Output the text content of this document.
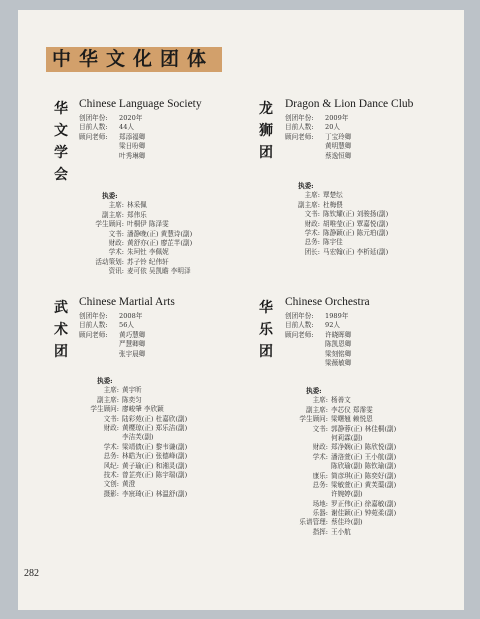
中华文化团体
华
文
学
会
Chinese Language Society
创团年份: 2020年
目前人数: 44人
顾问老师: 郑添福卿
梁日吩卿
叶秀琳卿
执委:
主席: 林采佩
副主席: 郑伟乐
学生顾问: 叶桐伊 陈泽雯
文书: 潘静晚(正) 黄慧诗(副)
财政: 黄舒亦(正) 廖芷芊(副)
学术: 朱珂钍 李佩妮
活动策划: 苏子铃 纪伟轩
资讯: 麦可依 吴凯瞻 李明泽
龙
狮
团
Dragon & Lion Dance Club
创团年份: 2009年
目前人数: 20人
顾问老师: 丁宝玲卿
黄明慧卿
蔡逸恒卿
执委:
主席: 覃楚纭
副主席: 杜梅偎
文书: 陈钦耀(正) 刘骏扬(副)
财政: 胡唯莹(正) 覃嘉悦(副)
学术: 陈静颖(正) 陈元珀(副)
总务: 陈宇佳
团长: 马宏翰(正) 李析延(副)
武
术
团
Chinese Martial Arts
创团年份: 2008年
目前人数: 56人
顾问老师: 黄巧慧卿
严慧卿卿
张宇晨卿
执委:
主席: 黄宇昕
副主席: 陈奕匀
学生顾问: 廖峻肇 李欣颖
文书: 陆彩苑(正) 杜嘉欣(副)
财政: 黄樱琼(正) 郑乐洁(副)
李洁芙(副)
学术: 梁靖债(正) 黎韦谦(副)
总务: 林皓为(正) 张德峰(副)
风纪: 黄子瑜(正) 和湘灵(副)
技术: 曾芷亮(正) 陈宇瑞(副)
文创: 黄澄
摄影: 李宸琦(正) 林温舒(副)
华
乐
团
Chinese Orchestra
创团年份: 1989年
目前人数: 92人
顾问老师: 许晓晖卿
陈凯恩卿
梁刻铭卿
梁薇敏卿
执委:
主席: 杨善文
副主席: 李芯仪 郑霈雯
学生顾问: 梁曙翘 赖悦恩
文书: 郭静蓉(正) 林佳桐(副)
何莉霖(副)
财政: 郑净娴(正) 陈欣悦(副)
学术: 潘洛萱(正) 王小航(副)
陈欣瑜(副) 陈钦瑜(副)
康乐: 简彦琪(正) 陈奕好(副)
总务: 梁敏萱(正) 黄芙蕖(副)
许婉婷(副)
场地: 罗正伟(正) 徐嘉敏(副)
乐器: 谢佳颖(正) 钟菀柔(副)
乐谱管理: 蔡佳玲(副)
指挥: 王小航
282
